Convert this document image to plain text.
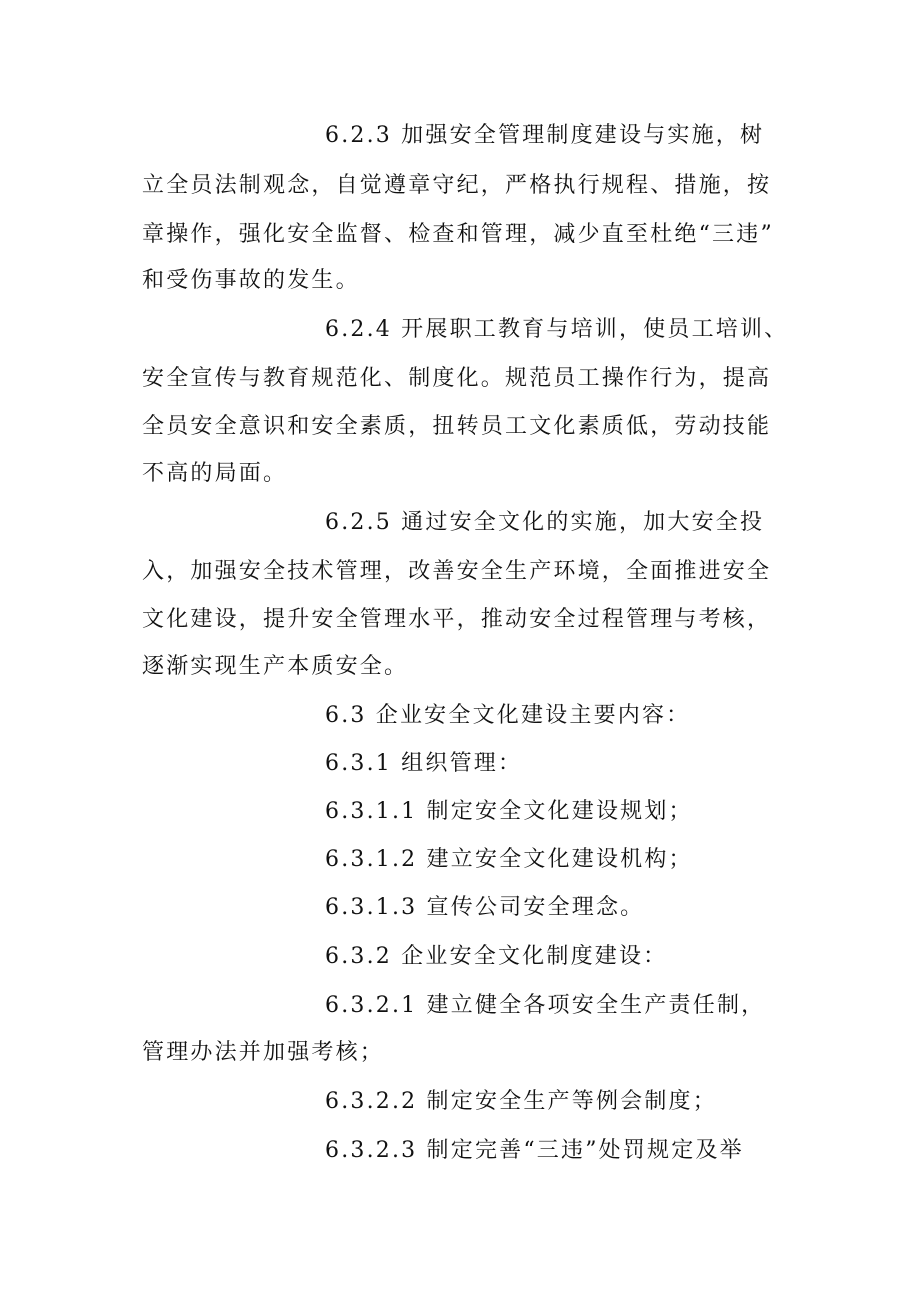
6.2.3 加强安全管理制度建设与实施，树
立全员法制观念，自觉遵章守纪，严格执行规程、措施，按
章操作，强化安全监督、检查和管理，减少直至杜绝“三违”
和受伤事故的发生。
6.2.4 开展职工教育与培训，使员工培训、
安全宣传与教育规范化、制度化。规范员工操作行为，提高
全员安全意识和安全素质，扭转员工文化素质低，劳动技能
不高的局面。
6.2.5 通过安全文化的实施，加大安全投
入，加强安全技术管理，改善安全生产环境，全面推进安全
文化建设，提升安全管理水平，推动安全过程管理与考核，
逐渐实现生产本质安全。
6.3 企业安全文化建设主要内容：
6.3.1 组织管理：
6.3.1.1 制定安全文化建设规划；
6.3.1.2 建立安全文化建设机构；
6.3.1.3 宣传公司安全理念。
6.3.2 企业安全文化制度建设：
6.3.2.1 建立健全各项安全生产责任制，
管理办法并加强考核；
6.3.2.2 制定安全生产等例会制度；
6.3.2.3 制定完善“三违”处罚规定及举
